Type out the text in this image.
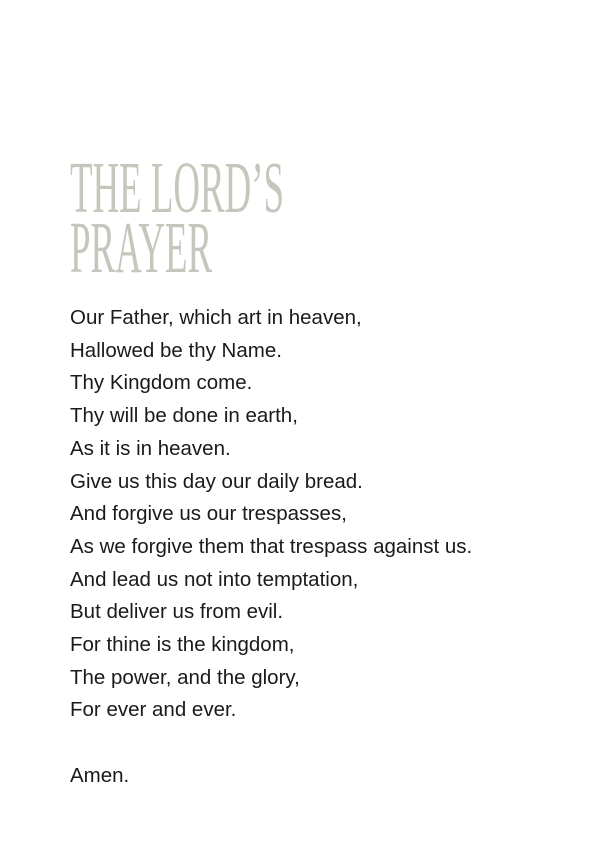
THE LORD’S
PRAYER

Our Father, which art in heaven,

Hallowed be thy Name.

Thy Kingdom come.

Thy will be done in earth,

As it is in heaven.

Give us this day our daily bread.

And forgive us our trespasses,

As we forgive them that trespass against us.

And lead us not into temptation,

But deliver us from evil.

For thine is the kingdom,

The power, and the glory,

For ever and ever.

Amen.
